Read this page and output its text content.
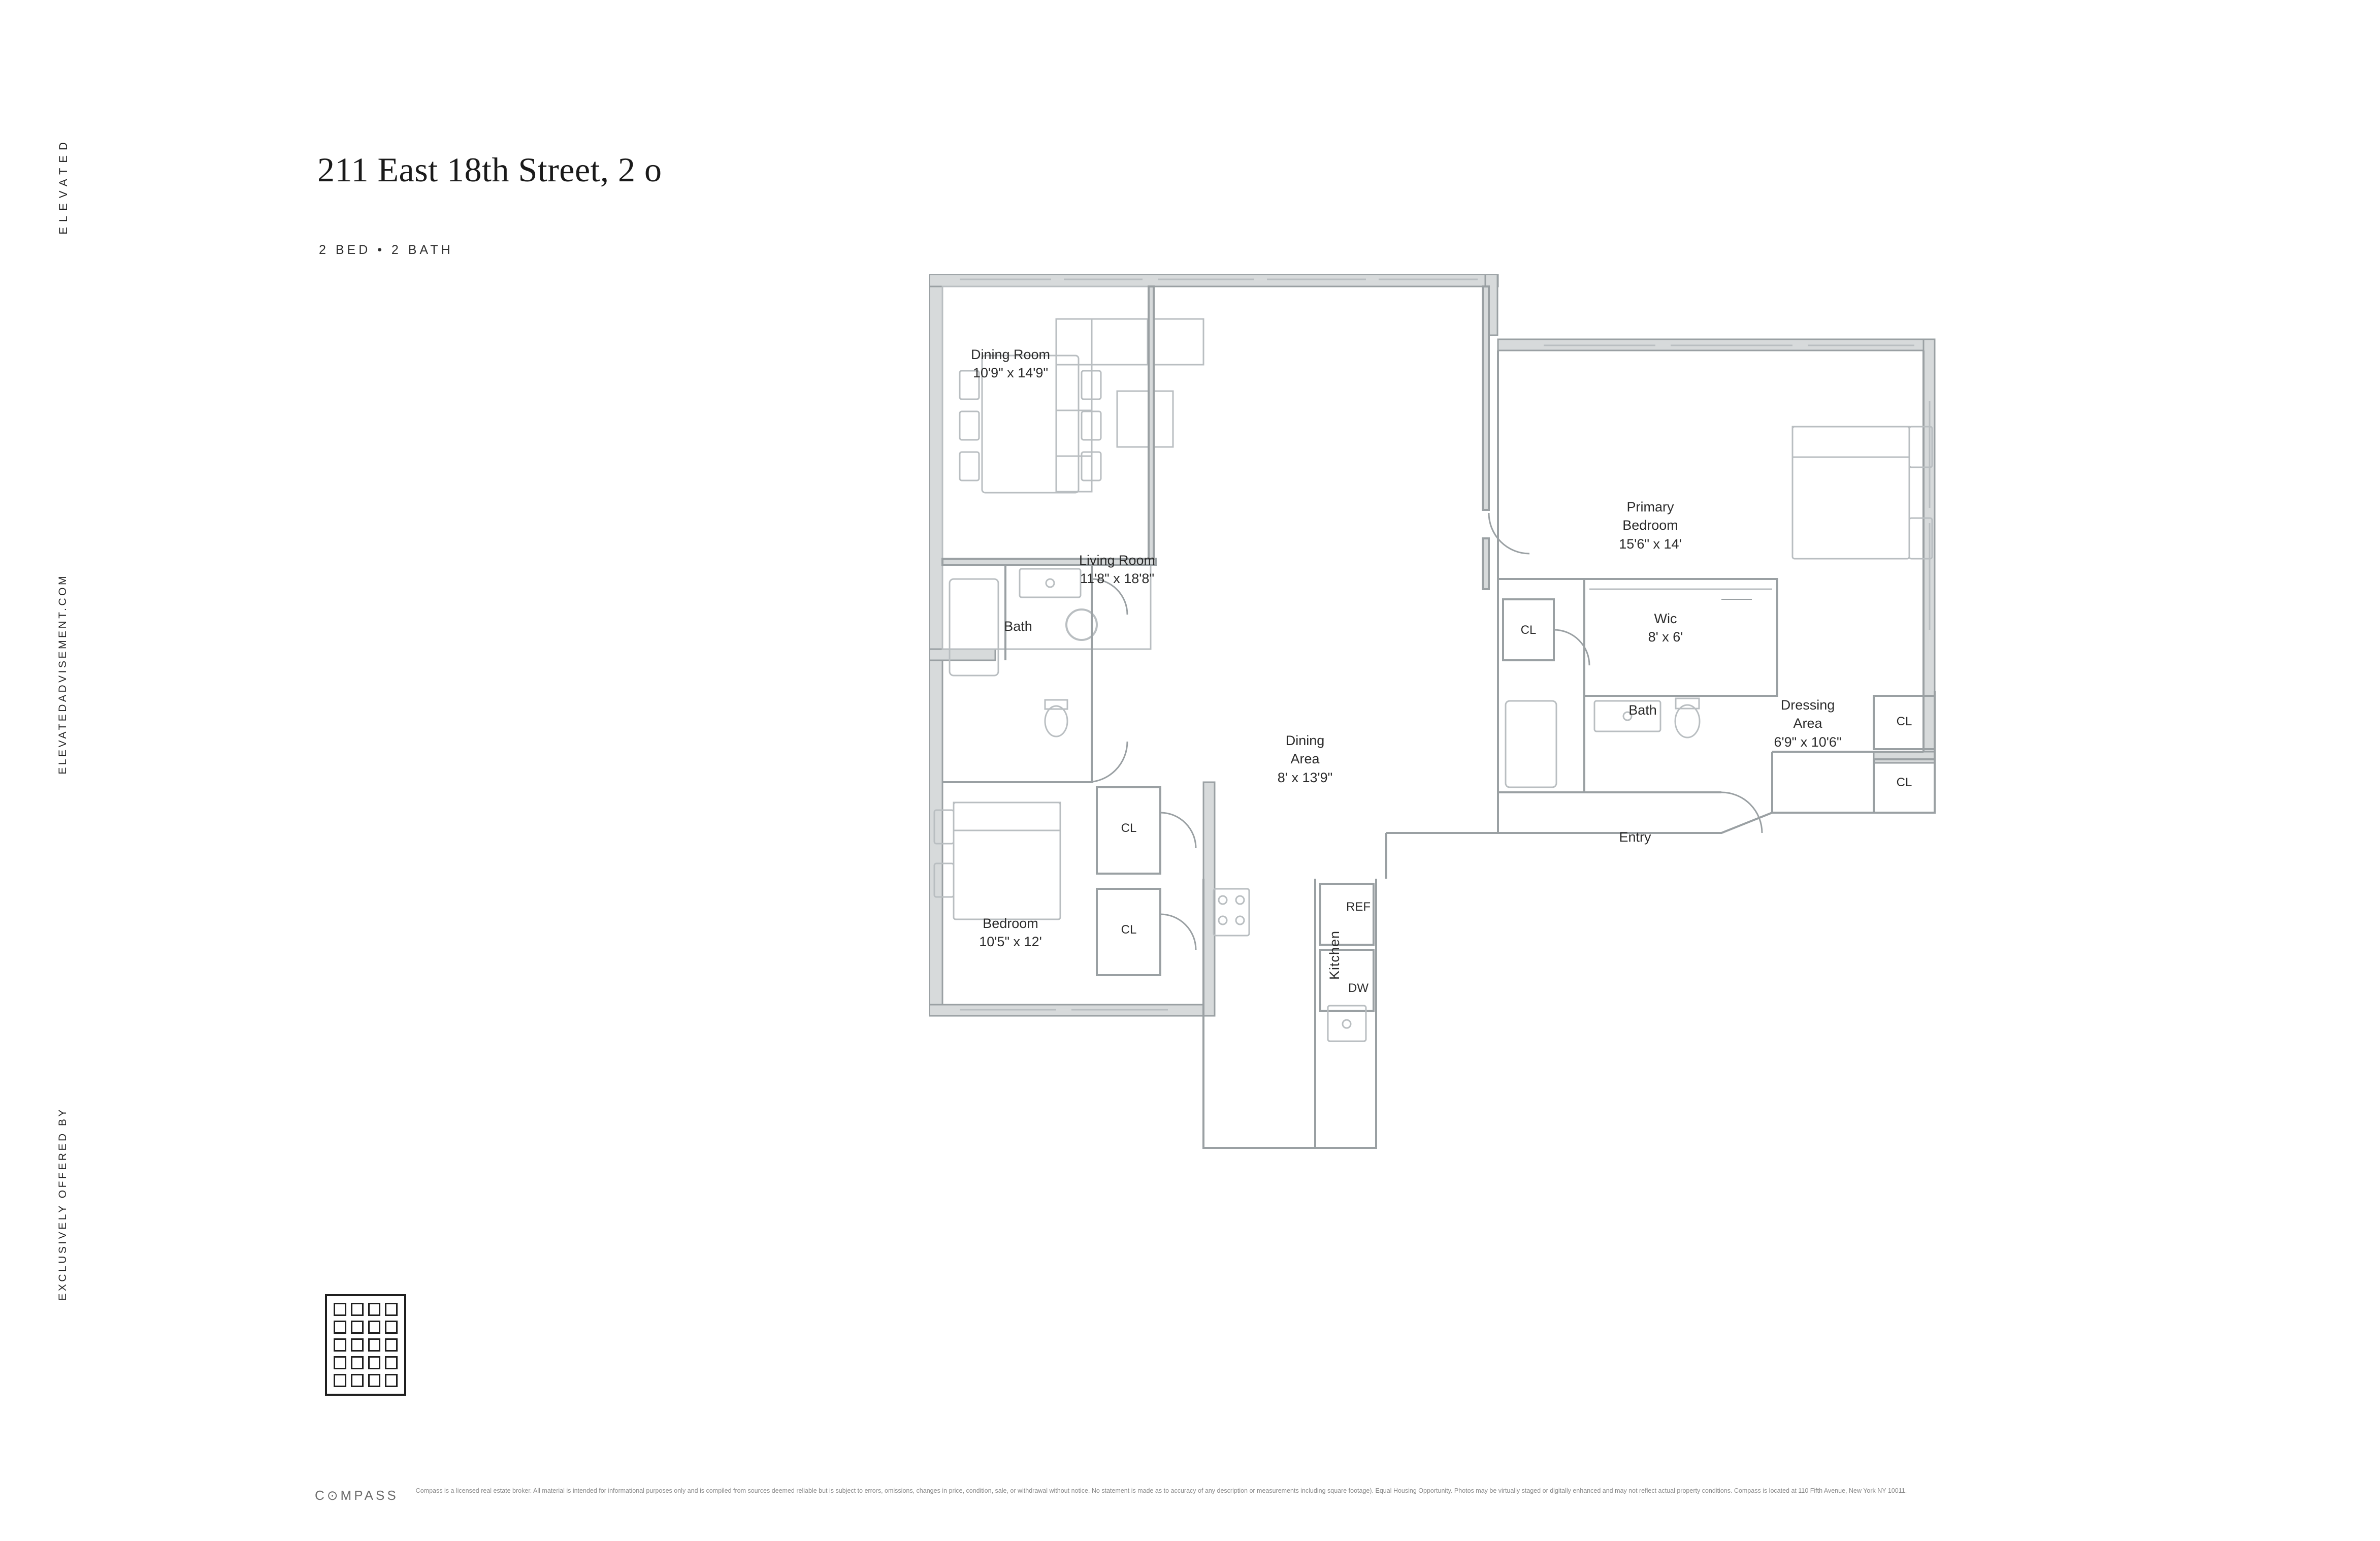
ELEVATED
ELEVATEDADVISEMENT.COM
EXCLUSIVELY OFFERED BY
211 East 18th Street, 2 o
2 BED • 2 BATH
Dining Room
10'9" x 14'9"
Living Room
11'8" x 18'8"
Primary
Bedroom
15'6" x 14'
Wic
8' x 6'
Dressing
Area
6'9" x 10'6"
Dining
Area
8' x 13'9"
Bedroom
10'5" x 12'
Bath
Bath
Entry
Kitchen
REF
DW
CL
CL
CL
CL
CL
C⊙MPASS	Compass is a licensed real estate broker. All material is intended for informational purposes only and is compiled from sources deemed reliable but is subject to errors, omissions, changes in price, condition, sale, or withdrawal without notice. No statement is made as to accuracy of any description or measurements including square footage). Equal Housing Opportunity. Photos may be virtually staged or digitally enhanced and may not reflect actual property conditions. Compass is located at 110 Fifth Avenue, New York NY 10011.
